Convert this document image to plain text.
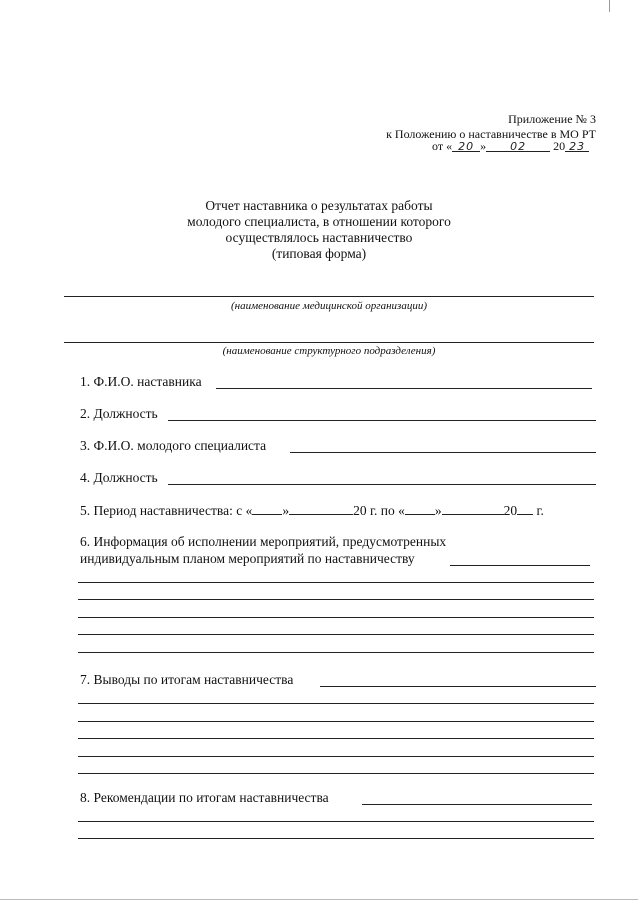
Приложение № 3
к Положению о наставничестве в МО РТ
от « 20 » 02 20 23
Отчет наставника о результатах работы
молодого специалиста, в отношении которого
осуществлялось наставничество
(типовая форма)
(наименование медицинской организации)
(наименование структурного подразделения)
1. Ф.И.О. наставника
2. Должность
3. Ф.И.О. молодого специалиста
4. Должность
5. Период наставничества: с « »	20 г. по « »	20 г.
6. Информация об исполнении мероприятий, предусмотренных
индивидуальным планом мероприятий по наставничеству
7. Выводы по итогам наставничества
8. Рекомендации по итогам наставничества
